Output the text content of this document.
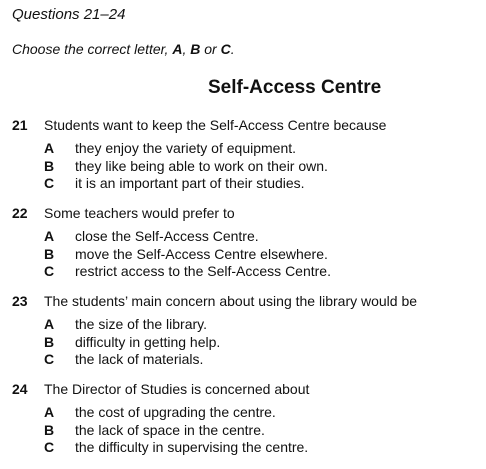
Questions 21–24
Choose the correct letter, A, B or C.
Self-Access Centre
21	Students want to keep the Self-Access Centre because
A	they enjoy the variety of equipment.
B	they like being able to work on their own.
C	it is an important part of their studies.
22	Some teachers would prefer to
A	close the Self-Access Centre.
B	move the Self-Access Centre elsewhere.
C	restrict access to the Self-Access Centre.
23	The students’ main concern about using the library would be
A	the size of the library.
B	difficulty in getting help.
C	the lack of materials.
24	The Director of Studies is concerned about
A	the cost of upgrading the centre.
B	the lack of space in the centre.
C	the difficulty in supervising the centre.
